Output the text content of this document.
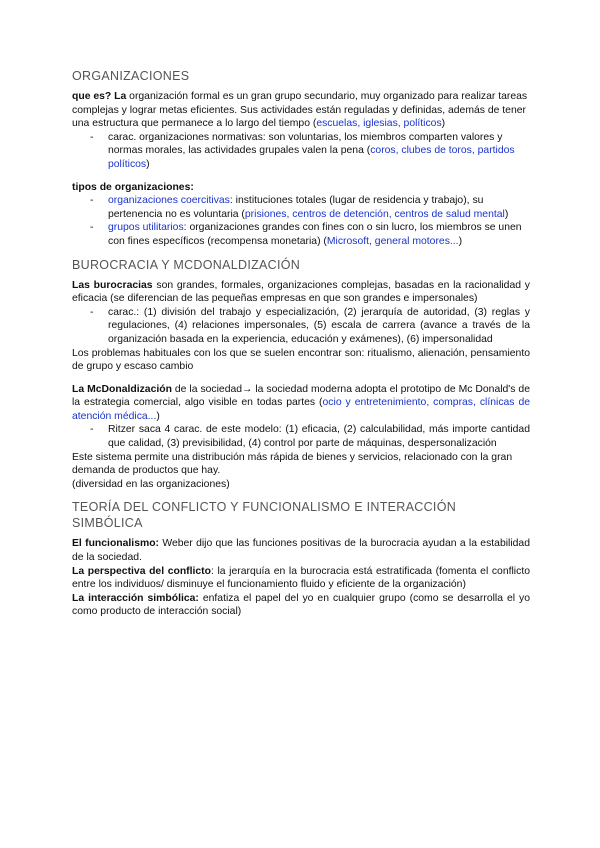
ORGANIZACIONES

que es? La organización formal es un gran grupo secundario, muy organizado para realizar tareas complejas y lograr metas eficientes. Sus actividades están reguladas y definidas, además de tener una estructura que permanece a lo largo del tiempo (escuelas, iglesias, políticos)

- carac. organizaciones normativas: son voluntarias, los miembros comparten valores y normas morales, las actividades grupales valen la pena (coros, clubes de toros, partidos políticos)

tipos de organizaciones:

- organizaciones coercitivas: instituciones totales (lugar de residencia y trabajo), su pertenencia no es voluntaria (prisiones, centros de detención, centros de salud mental)
- grupos utilitarios: organizaciones grandes con fines con o sin lucro, los miembros se unen con fines específicos (recompensa monetaria) (Microsoft, general motores...)
BUROCRACIA Y MCDONALDIZACIÓN

Las burocracias son grandes, formales, organizaciones complejas, basadas en la racionalidad y eficacia (se diferencian de las pequeñas empresas en que son grandes e impersonales)

- carac.: (1) división del trabajo y especialización, (2) jerarquía de autoridad, (3) reglas y regulaciones, (4) relaciones impersonales, (5) escala de carrera (avance a través de la organización basada en la experiencia, educación y exámenes), (6) impersonalidad

Los problemas habituales con los que se suelen encontrar son: ritualismo, alienación, pensamiento de grupo y escaso cambio

La McDonaldización de la sociedad→ la sociedad moderna adopta el prototipo de Mc Donald's de la estrategia comercial, algo visible en todas partes (ocio y entretenimiento, compras, clínicas de atención médica...)

- Ritzer saca 4 carac. de este modelo: (1) eficacia, (2) calculabilidad, más importe cantidad que calidad, (3) previsibilidad, (4) control por parte de máquinas, despersonalización

Este sistema permite una distribución más rápida de bienes y servicios, relacionado con la gran demanda de productos que hay.

(diversidad en las organizaciones)

TEORÍA DEL CONFLICTO Y FUNCIONALISMO E INTERACCIÓN SIMBÓLICA

El funcionalismo: Weber dijo que las funciones positivas de la burocracia ayudan a la estabilidad de la sociedad.

La perspectiva del conflicto: la jerarquía en la burocracia está estratificada (fomenta el conflicto entre los individuos/ disminuye el funcionamiento fluido y eficiente de la organización)

La interacción simbólica: enfatiza el papel del yo en cualquier grupo (como se desarrolla el yo como producto de interacción social)
